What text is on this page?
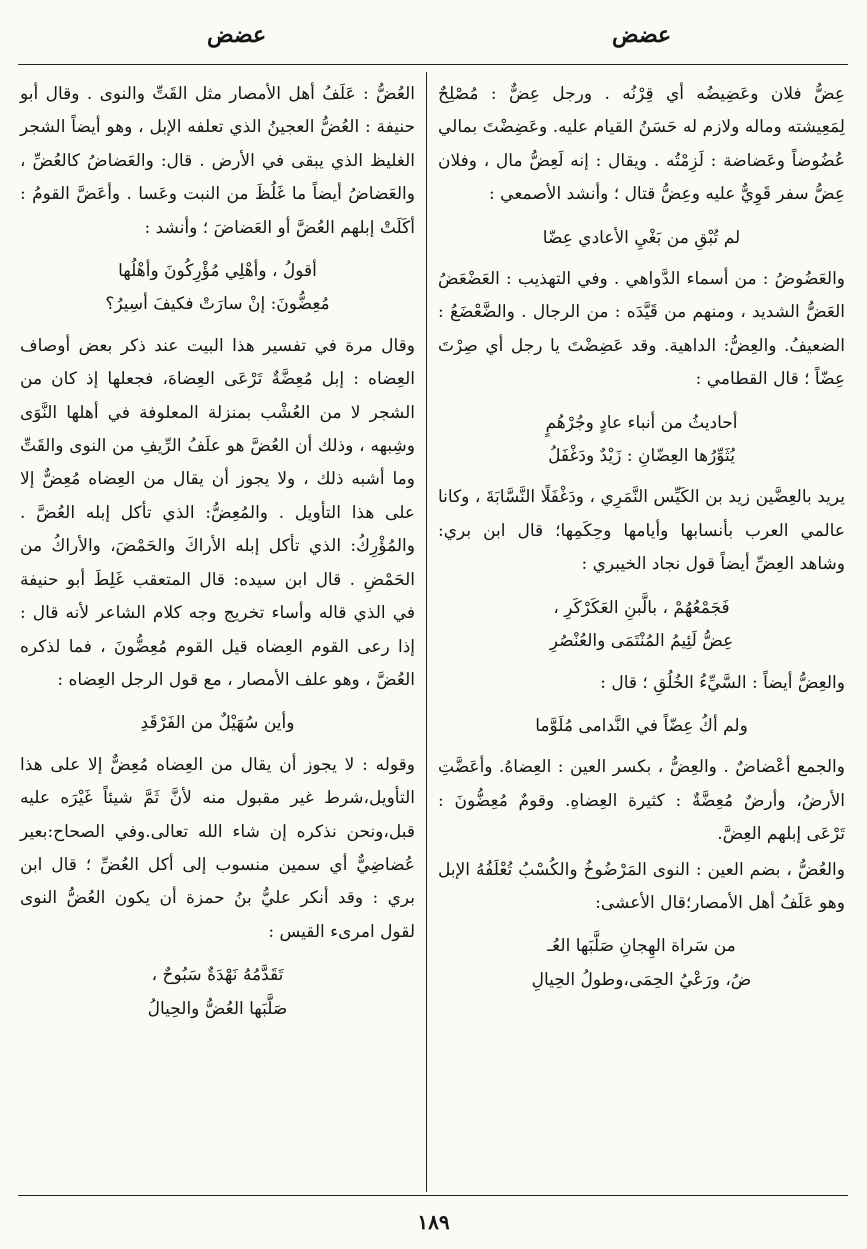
عضض
عضض

عِضُّ فلان وعَضِيضُه أي قِرْنُه . ورجل عِضٌّ : مُصْلِحٌ لِمَعِيشته وماله ولازم له حَسَنُ القيام عليه. وعَضِضْتَ بمالي عُضُوضاً وعَضاضة : لَزِمْتُه . ويقال : إنه لَعِضُّ مال ، وفلان عِضُّ سفر قَوِيٌّ عليه وعِضُّ قتال ؛ وأنشد الأصمعي :

لم تُبْقِ من بَغْيِ الأعادي عِضّا

والعَضُوضُ : من أسماء الدَّواهي . وفي التهذيب : العَضْعَضُ العَضُّ الشديد ، ومنهم من قَيَّدَه : من الرجال . والضَّعْضَعُ : الضعيفُ. والعِضُّ: الداهية. وقد عَضِضْتَ يا رجل أي صِرْتَ عِضّاً ؛ قال القطامي :

أحاديثُ من أنباء عادٍ وجُرْهُمٍ
يُثَوِّرُها العِضّانِ : زَيْدٌ ودَغْفَلُ

يريد بالعِضَّين زيد بن الكَيِّس النَّمَرِي ، ودَغْفَلًا النَّسَّابَةَ ، وكانا عالمي العرب بأنسابها وأيامها وحِكَمِها؛ قال ابن بري: وشاهد العِضِّ أيضاً قول نجاد الخيبري :

فَجَمْعُهُمْ ، بالَّبنِ العَكَرْكَرِ ،
عِضُّ لَئِيمُ المُنْتَمَى والعُنْصُرِ

والعِضُّ أيضاً : السَّيِّءُ الخُلُقِ ؛ قال :

ولم أكُ عِضّاً في النَّدامى مُلَوَّما

والجمع أعْضاضٌ . والعِضُّ ، بكسر العين : العِضاهُ. وأعَضَّتِ الأرضُ، وأرضٌ مُعِضَّةٌ : كثيرة العِضاهِ. وقومٌ مُعِضُّونَ : تَرْعَى إبلهم العِضَّ.

والعُضُّ ، بضم العين : النوى المَرْضُوخُ والكُسْبُ تُعْلَفُهُ الإبل وهو عَلَفُ أهل الأمصار؛قال الأعشى:

من سَراة الهِجانِ صَلَّبَها العُـ
ضُ، ورَعْيُ الحِمَى،وطولُ الحِيالِ

العُضُّ : عَلَفُ أهل الأمصار مثل القَتِّ والنوى . وقال أبو حنيفة : العُضُّ العجينُ الذي تعلفه الإبل ، وهو أيضاً الشجر الغليظ الذي يبقى في الأرض . قال: والعَضاضُ كالعُضِّ ، والعَضاضُ أيضاً ما غَلُظَ من النبت وعَسا . وأعَضَّ القومُ : أكَلَتْ إبلهم العُضَّ أو العَضاضَ ؛ وأنشد :

أقولُ ، وأهْلِي مُؤْرِكُونَ وأهْلُها
مُعِضُّونَ: إنْ سارَتْ فكيفَ أسِيرُ؟

وقال مرة في تفسير هذا البيت عند ذكر بعض أوصاف العِضاه : إبل مُعِضَّةٌ تَرْعَى العِضاهَ، فجعلها إذ كان من الشجر لا من العُشْب بمنزلة المعلوفة في أهلها النَّوَى وشِبهه ، وذلك أن العُضَّ هو علَفُ الرِّيفِ من النوى والقَتِّ وما أشبه ذلك ، ولا يجوز أن يقال من العِضاه مُعِضٌّ إلا على هذا التأويل . والمُعِضُّ: الذي تأكل إبله العُضَّ . والمُؤْرِكُ: الذي تأكل إبله الأراكَ والحَمْضَ، والأراكُ من الحَمْضِ . قال ابن سيده: قال المتعقب غَلِطَ أبو حنيفة في الذي قاله وأساء تخريج وجه كلام الشاعر لأنه قال : إذا رعى القوم العِضاه قيل القوم مُعِضُّونَ ، فما لذكره العُضَّ ، وهو علف الأمصار ، مع قول الرجل العِضاه :

وأين سُهَيْلٌ من الفَرْقَدِ

وقوله : لا يجوز أن يقال من العِضاه مُعِضٌّ إلا على هذا التأويل،شرط غير مقبول منه لأنَّ ثَمَّ شيئاً غَيْرَه عليه قبل،ونحن نذكره إن شاء الله تعالى.وفي الصحاح:بعير عُضاضِيٌّ أي سمين منسوب إلى أكل العُضِّ ؛ قال ابن بري : وقد أنكر عليُّ بنُ حمزة أن يكون العُضُّ النوى لقول امرىء القيس :

تَقَدَّمُهُ نَهْدَةٌ سَبُوحٌ ،
صَلَّبَها العُضُّ والحِيالُ
١٨٩
